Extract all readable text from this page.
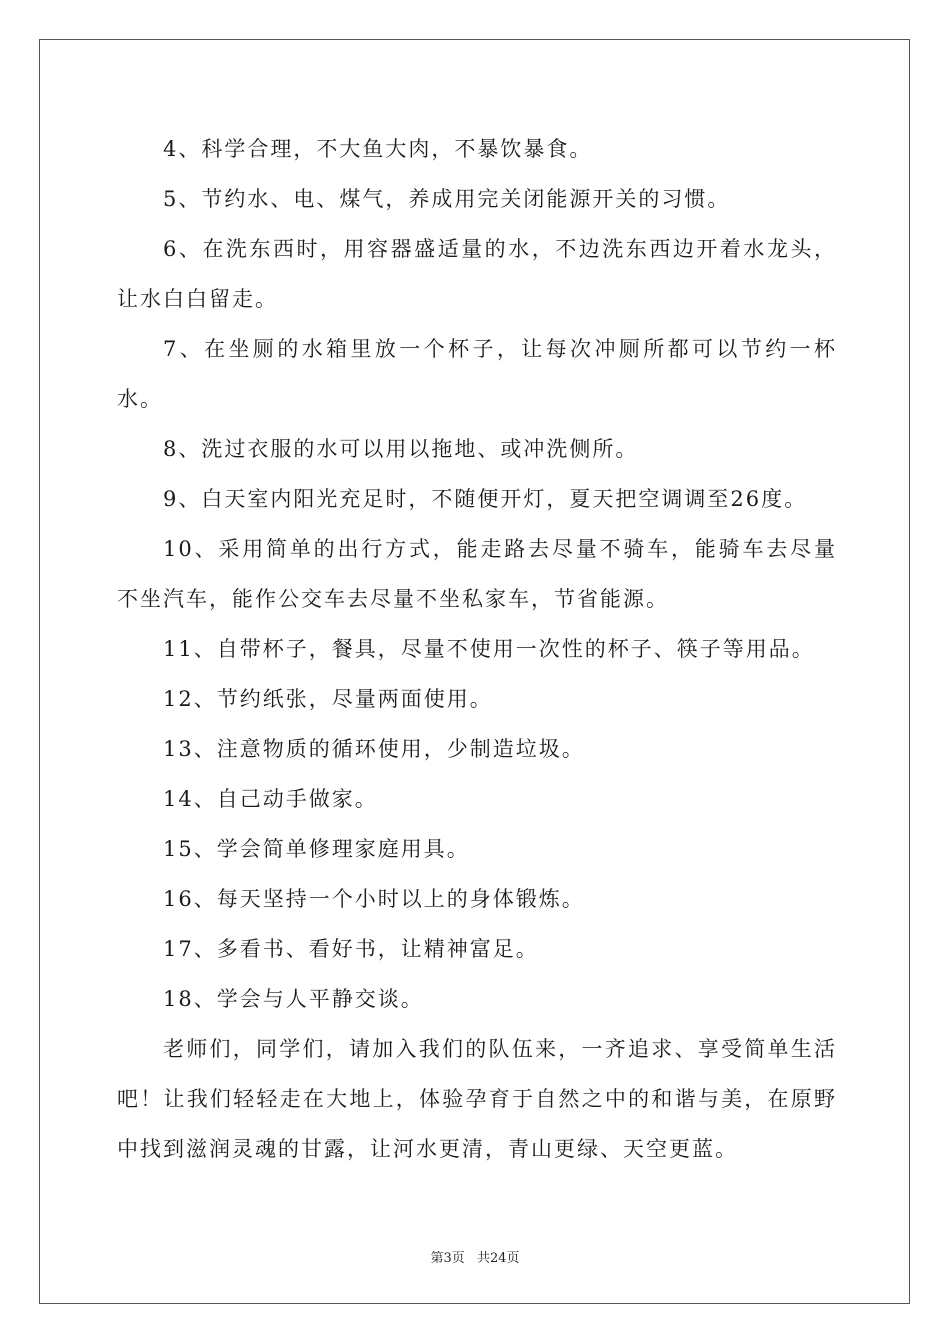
4、科学合理，不大鱼大肉，不暴饮暴食。

5、节约水、电、煤气，养成用完关闭能源开关的习惯。

6、在洗东西时，用容器盛适量的水，不边洗东西边开着水龙头，让水白白留走。

7、在坐厕的水箱里放一个杯子，让每次冲厕所都可以节约一杯水。

8、洗过衣服的水可以用以拖地、或冲洗侧所。

9、白天室内阳光充足时，不随便开灯，夏天把空调调至26度。

10、采用简单的出行方式，能走路去尽量不骑车，能骑车去尽量不坐汽车，能作公交车去尽量不坐私家车，节省能源。

11、自带杯子，餐具，尽量不使用一次性的杯子、筷子等用品。

12、节约纸张，尽量两面使用。

13、注意物质的循环使用，少制造垃圾。

14、自己动手做家。

15、学会简单修理家庭用具。

16、每天坚持一个小时以上的身体锻炼。

17、多看书、看好书，让精神富足。

18、学会与人平静交谈。

老师们，同学们，请加入我们的队伍来，一齐追求、享受简单生活吧！让我们轻轻走在大地上，体验孕育于自然之中的和谐与美，在原野中找到滋润灵魂的甘露，让河水更清，青山更绿、天空更蓝。

第3页 共24页
